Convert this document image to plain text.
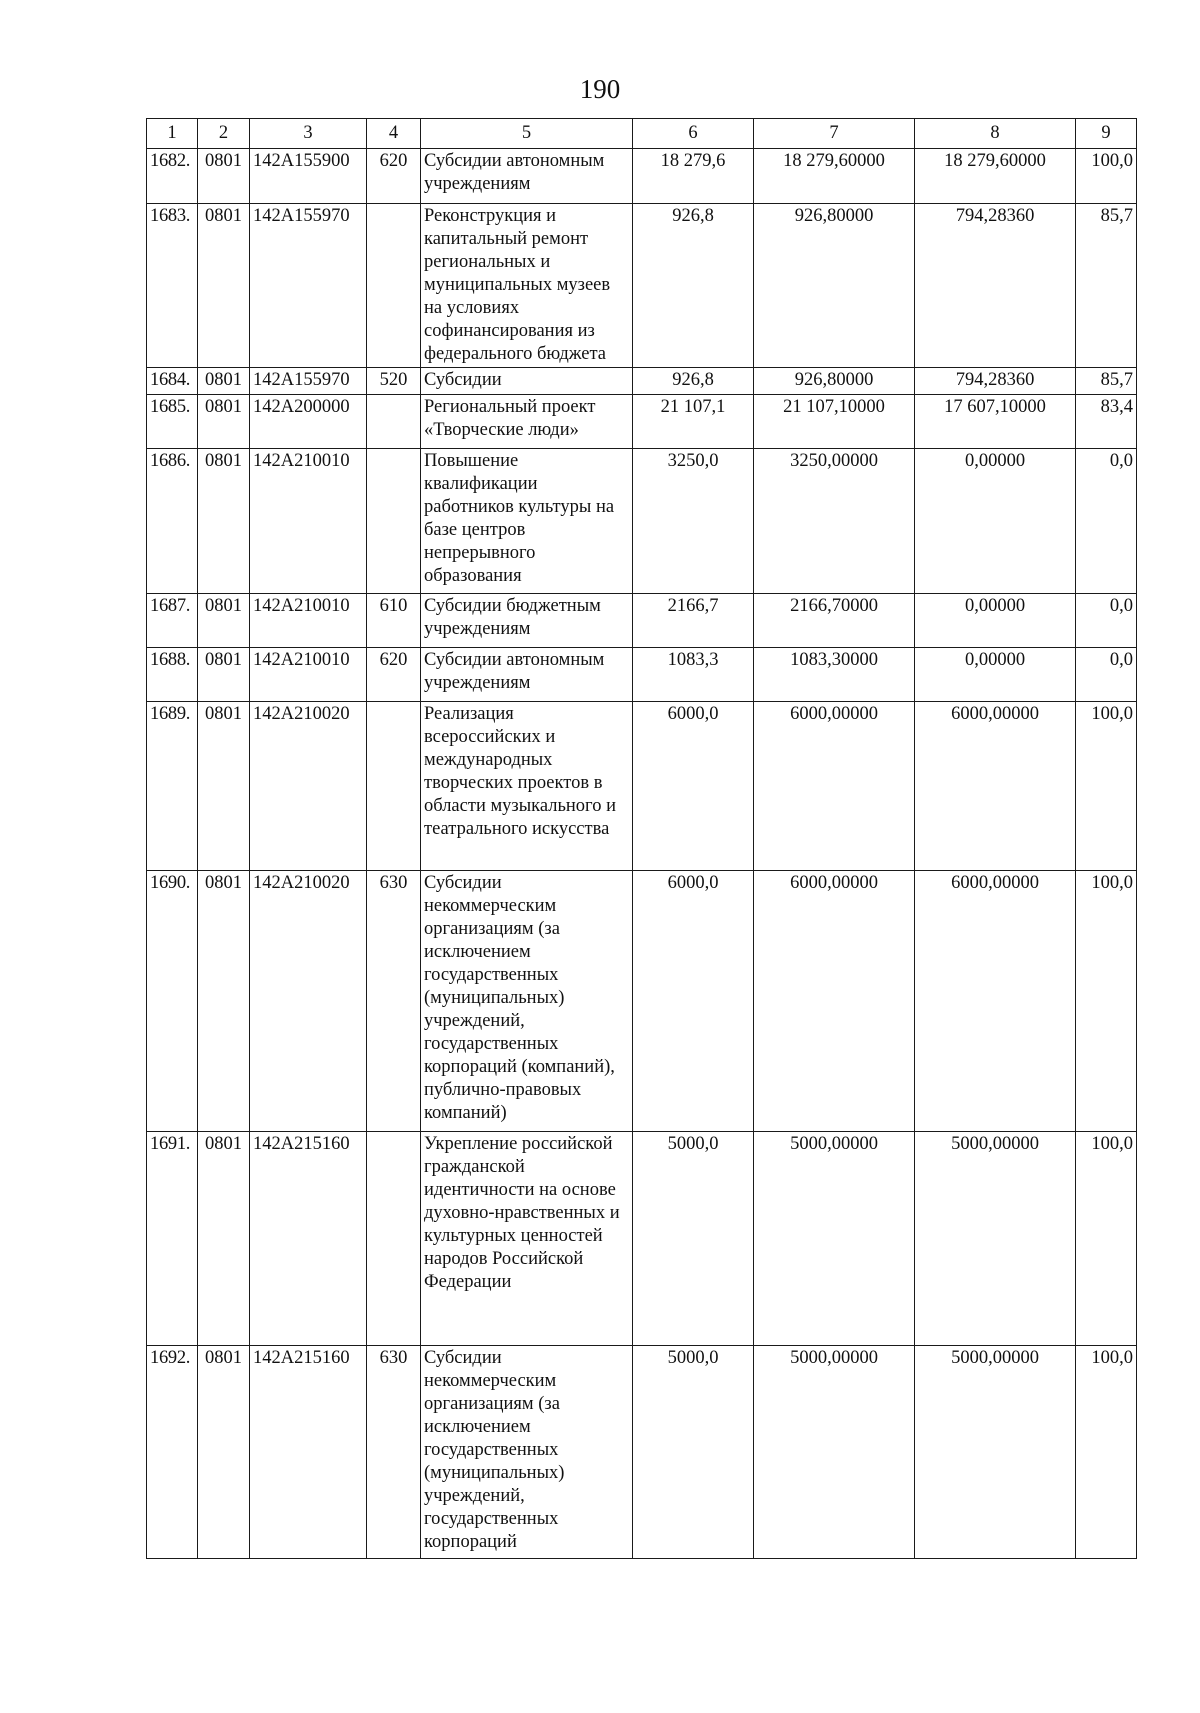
190
1	2	3	4	5	6	7	8	9
1682.	0801	142А155900	620	Субсидии автономным учреждениям	18 279,6	18 279,60000	18 279,60000	100,0
1683.	0801	142А155970		Реконструкция и капитальный ремонт региональных и муниципальных музеев на условиях софинансирования из федерального бюджета	926,8	926,80000	794,28360	85,7
1684.	0801	142А155970	520	Субсидии	926,8	926,80000	794,28360	85,7
1685.	0801	142А200000		Региональный проект «Творческие люди»	21 107,1	21 107,10000	17 607,10000	83,4
1686.	0801	142А210010		Повышение квалификации работников культуры на базе центров непрерывного образования	3250,0	3250,00000	0,00000	0,0
1687.	0801	142А210010	610	Субсидии бюджетным учреждениям	2166,7	2166,70000	0,00000	0,0
1688.	0801	142А210010	620	Субсидии автономным учреждениям	1083,3	1083,30000	0,00000	0,0
1689.	0801	142А210020		Реализация всероссийских и международных творческих проектов в области музыкального и театрального искусства	6000,0	6000,00000	6000,00000	100,0
1690.	0801	142А210020	630	Субсидии некоммерческим организациям (за исключением государственных (муниципальных) учреждений, государственных корпораций (компаний), публично-правовых компаний)	6000,0	6000,00000	6000,00000	100,0
1691.	0801	142А215160		Укрепление российской гражданской идентичности на основе духовно-нравственных и культурных ценностей народов Российской Федерации	5000,0	5000,00000	5000,00000	100,0
1692.	0801	142А215160	630	Субсидии некоммерческим организациям (за исключением государственных (муниципальных) учреждений, государственных корпораций	5000,0	5000,00000	5000,00000	100,0
